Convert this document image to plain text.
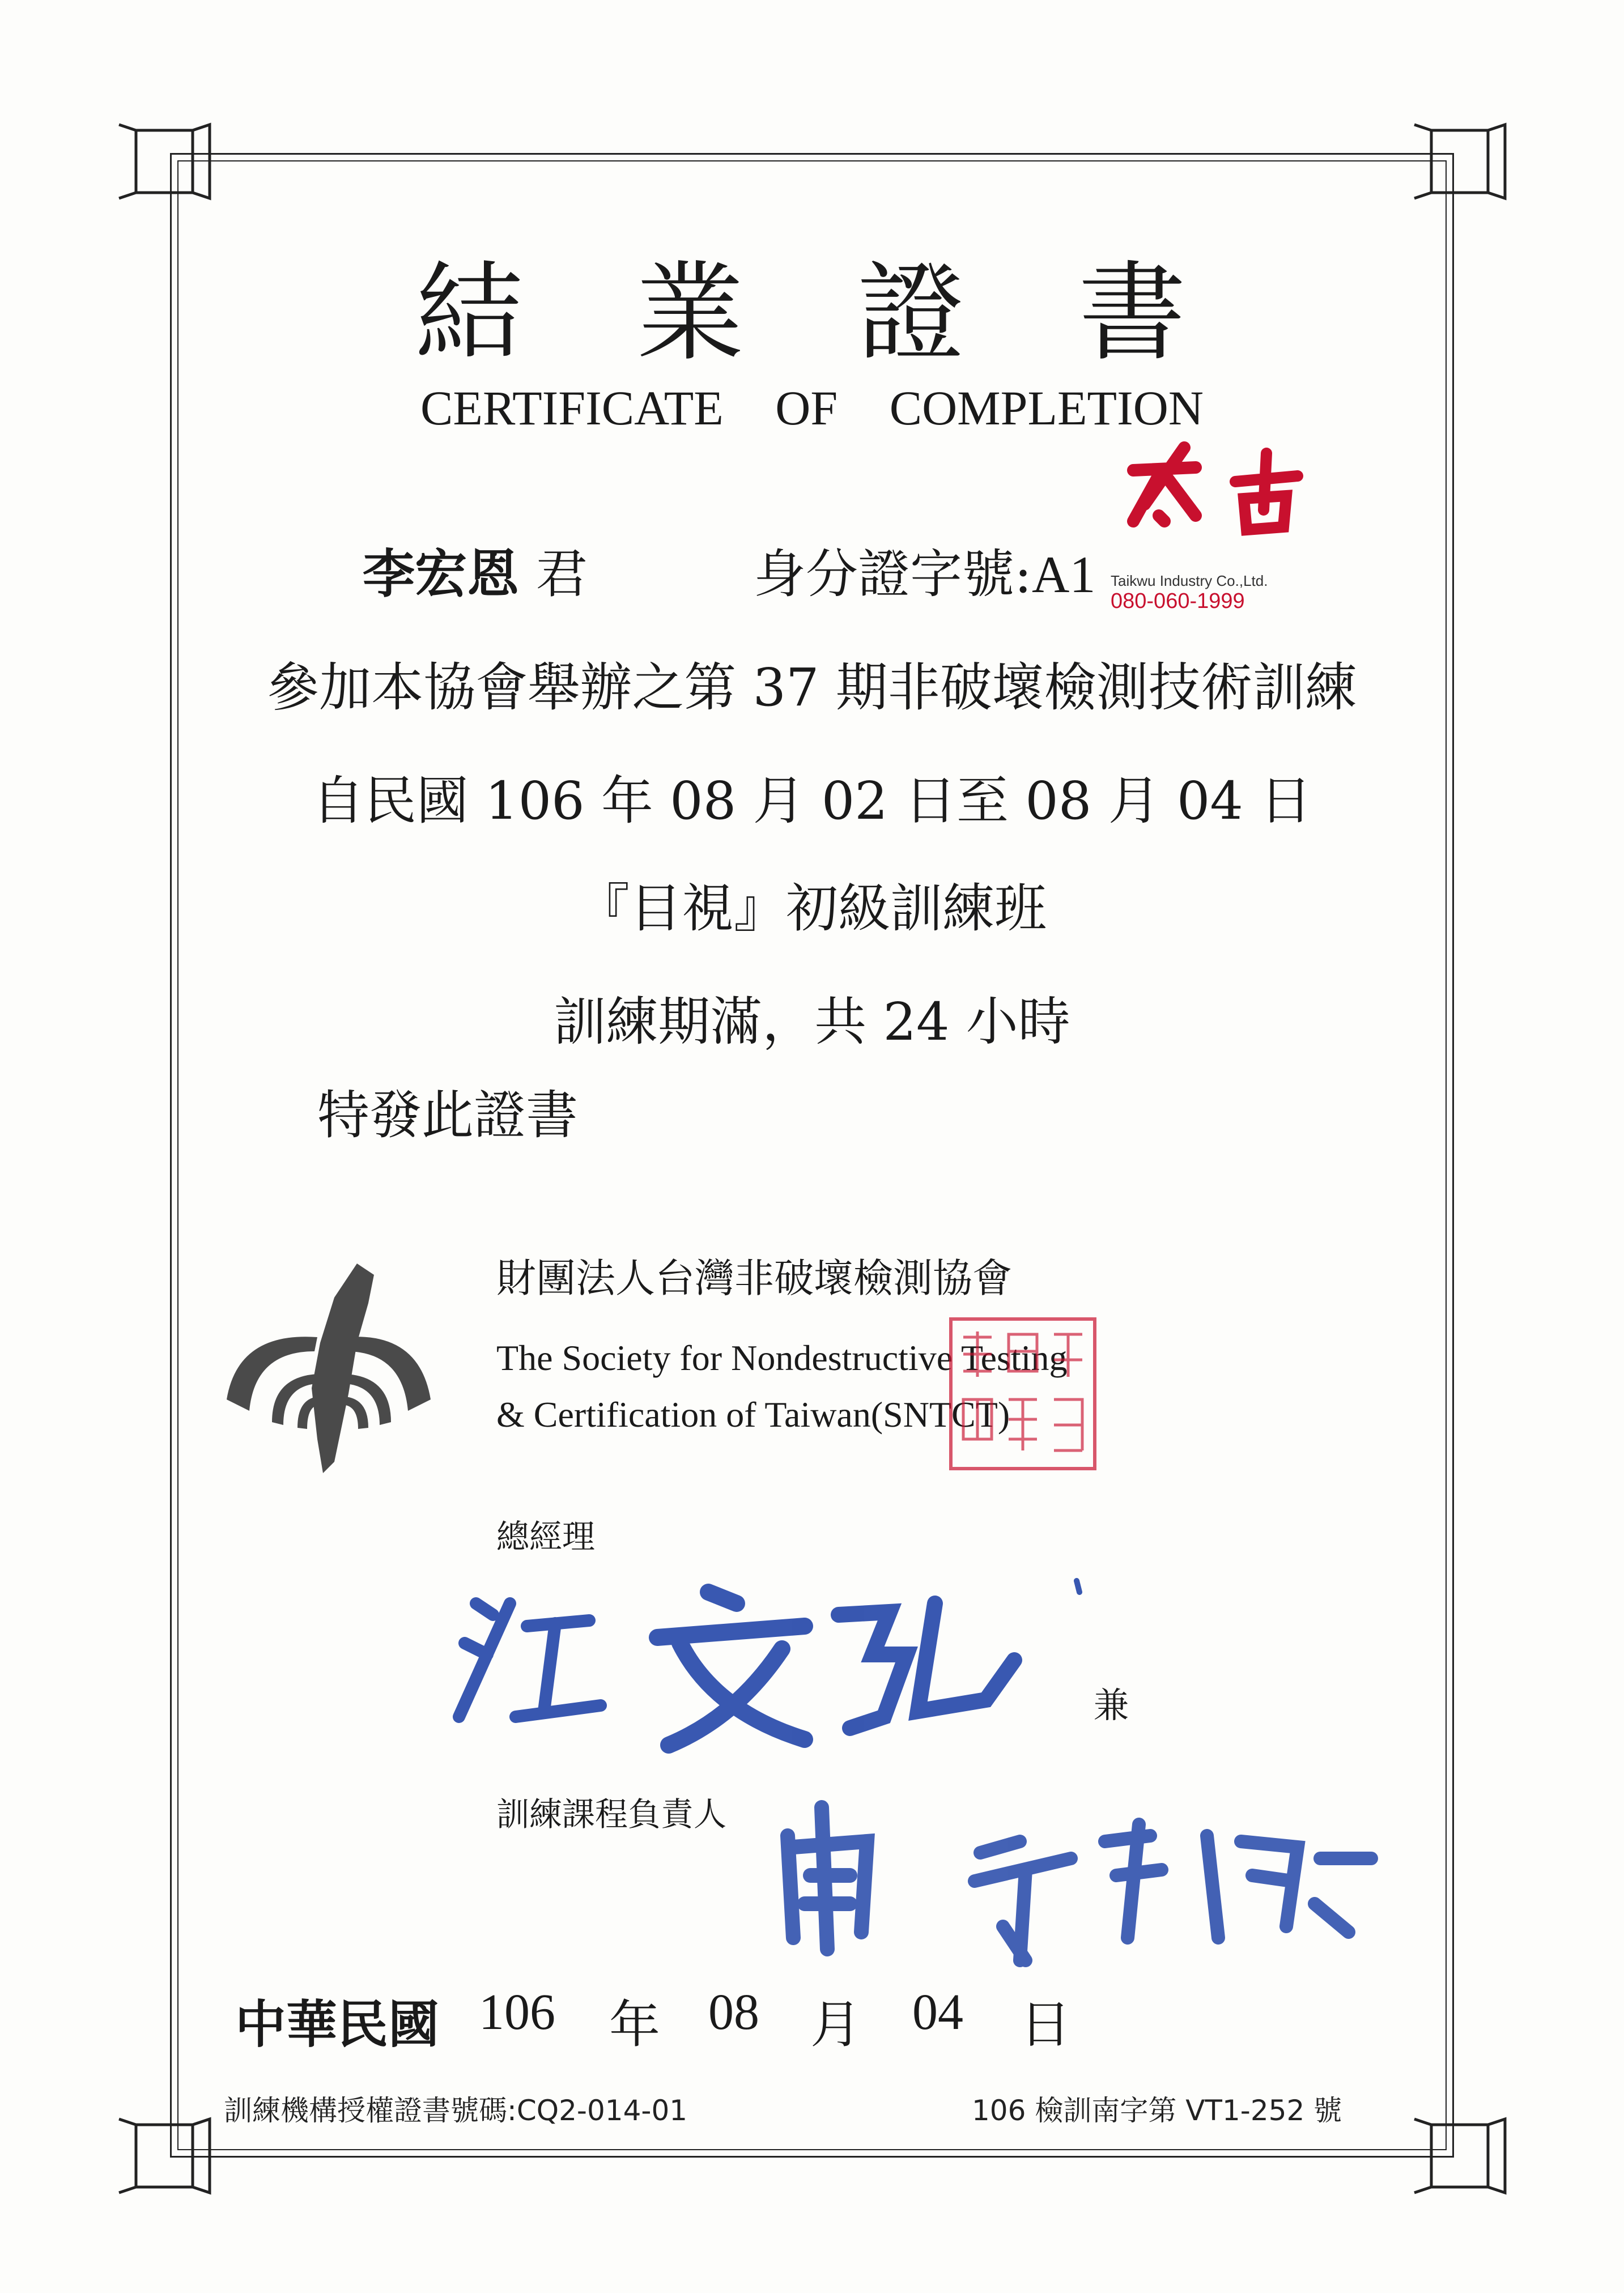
結業證書
CERTIFICATE OF COMPLETION
李宏恩 君	身分證字號:A1 Taikwu Industry Co.,Ltd.
080-060-1999
參加本協會舉辦之第 37 期非破壞檢測技術訓練
自民國 106 年 08 月 02 日至 08 月 04 日
『目視』初級訓練班
訓練期滿，共 24 小時
特發此證書
財團法人台灣非破壞檢測協會
The Society for Nondestructive Testing
& Certification of Taiwan(SNTCT)
總經理
兼
訓練課程負責人
中華民國 106 年 08 月 04 日
訓練機構授權證書號碼:CQ2-014-01	106 檢訓南字第 VT1-252 號
